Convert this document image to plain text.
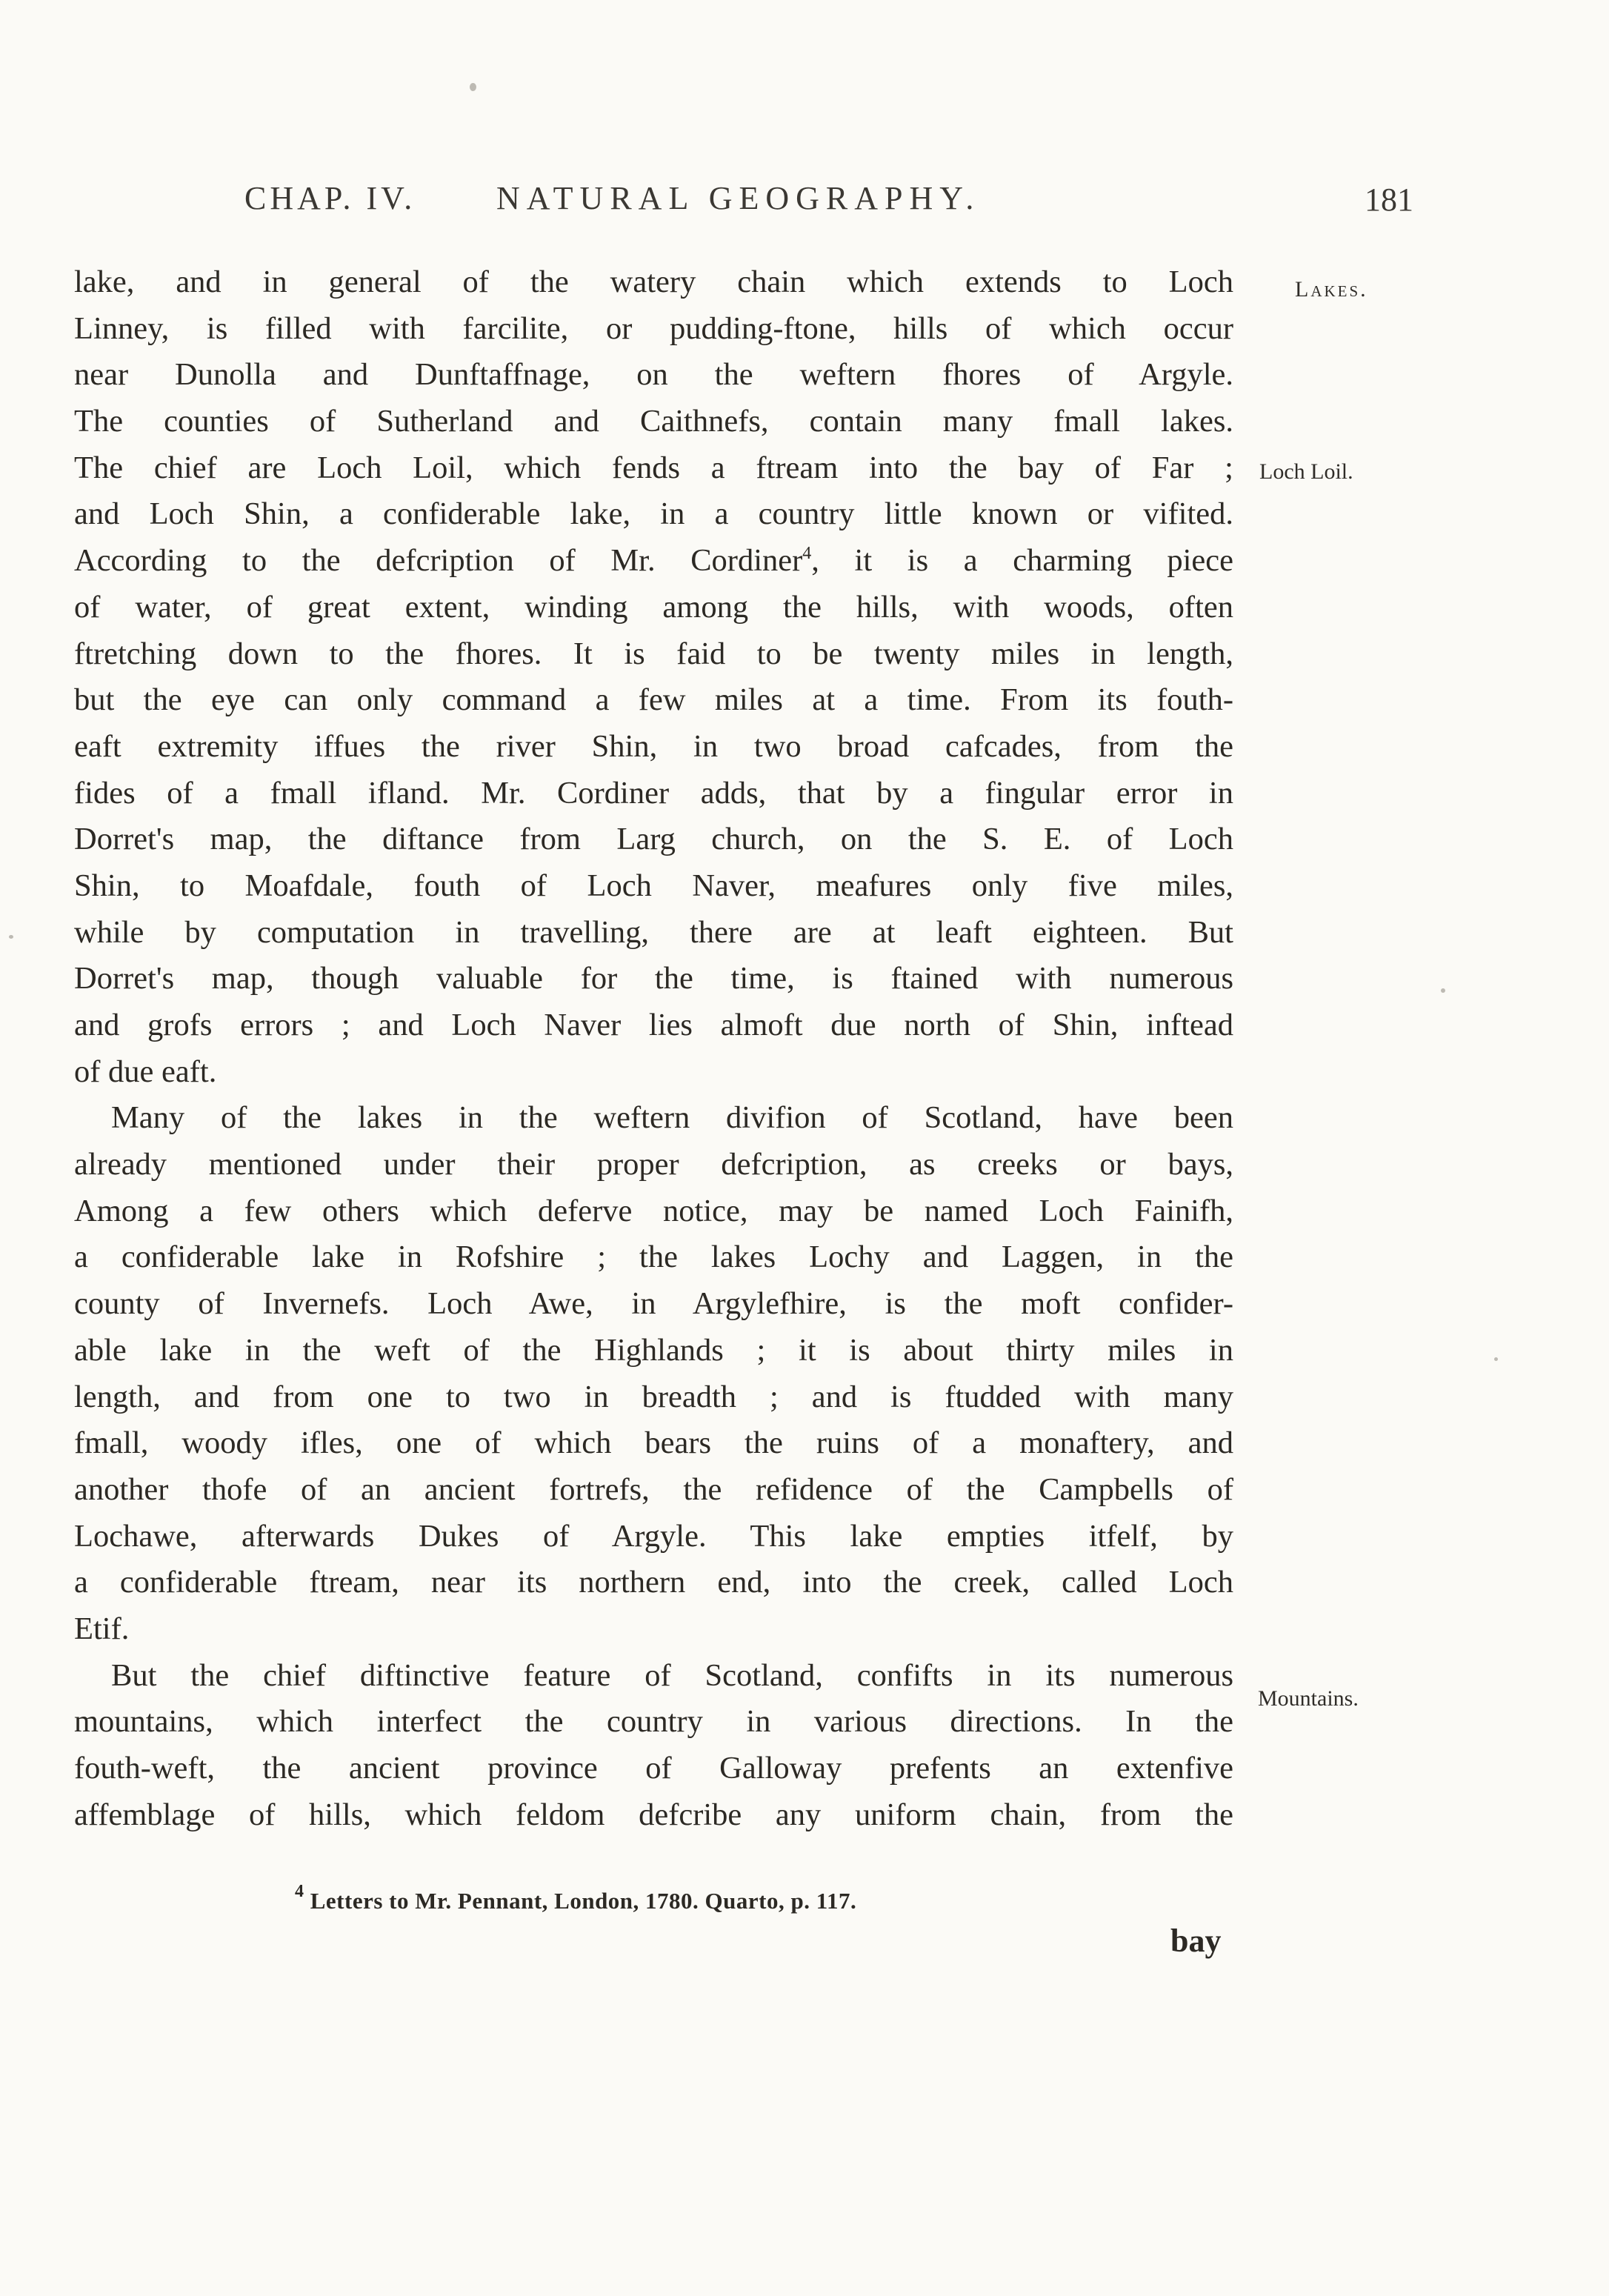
CHAP. IV. NATURAL GEOGRAPHY.	181
lake, and in general of the watery chain which extends to Loch
Linney, is filled with farcilite, or pudding-ftone, hills of which occur
near Dunolla and Dunftaffnage, on the weftern fhores of Argyle.
The counties of Sutherland and Caithnefs, contain many fmall lakes.
The chief are Loch Loil, which fends a ftream into the bay of Far ;
and Loch Shin, a confiderable lake, in a country little known or vifited.
According to the defcription of Mr. Cordiner$^4$, it is a charming piece
of water, of great extent, winding among the hills, with woods, often
ftretching down to the fhores. It is faid to be twenty miles in length,
but the eye can only command a few miles at a time. From its fouth-
eaft extremity iffues the river Shin, in two broad cafcades, from the
fides of a fmall ifland. Mr. Cordiner adds, that by a fingular error in
Dorret's map, the diftance from Larg church, on the S. E. of Loch
Shin, to Moafdale, fouth of Loch Naver, meafures only five miles,
while by computation in travelling, there are at leaft eighteen. But
Dorret's map, though valuable for the time, is ftained with numerous
and grofs errors ; and Loch Naver lies almoft due north of Shin, inftead
of due eaft.
Many of the lakes in the weftern divifion of Scotland, have been
already mentioned under their proper defcription, as creeks or bays,
Among a few others which deferve notice, may be named Loch Fainifh,
a confiderable lake in Rofshire ; the lakes Lochy and Laggen, in the
county of Invernefs. Loch Awe, in Argylefhire, is the moft confider-
able lake in the weft of the Highlands ; it is about thirty miles in
length, and from one to two in breadth ; and is ftudded with many
fmall, woody ifles, one of which bears the ruins of a monaftery, and
another thofe of an ancient fortrefs, the refidence of the Campbells of
Lochawe, afterwards Dukes of Argyle. This lake empties itfelf, by
a confiderable ftream, near its northern end, into the creek, called Loch
Etif.
But the chief diftinctive feature of Scotland, confifts in its numerous
mountains, which interfect the country in various directions. In the
fouth-weft, the ancient province of Galloway prefents an extenfive
affemblage of hills, which feldom defcribe any uniform chain, from the
Lakes.
Loch Loil.
Mountains.
$^4$ Letters to Mr. Pennant, London, 1780. Quarto, p. 117.
bay
